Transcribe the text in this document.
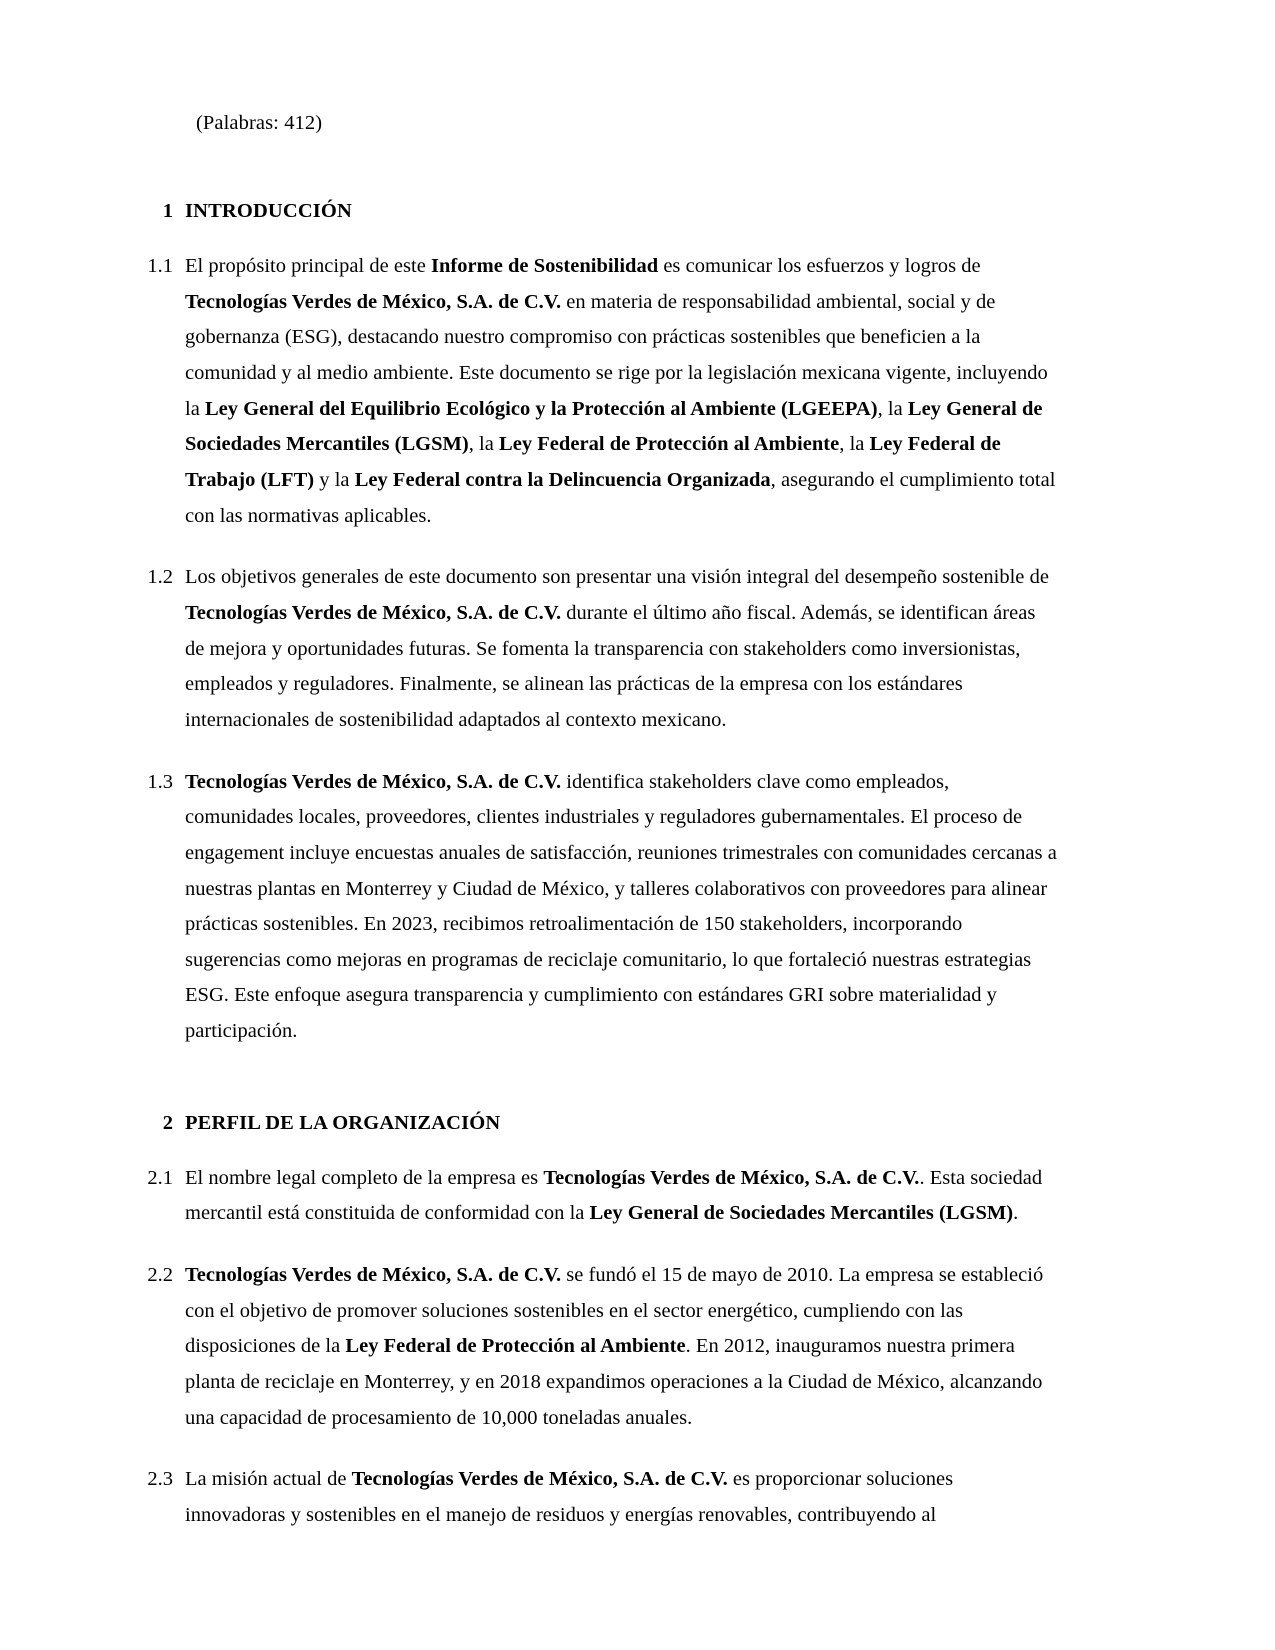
(Palabras: 412)
1 INTRODUCCIÓN
1.1 El propósito principal de este Informe de Sostenibilidad es comunicar los esfuerzos y logros de Tecnologías Verdes de México, S.A. de C.V. en materia de responsabilidad ambiental, social y de gobernanza (ESG), destacando nuestro compromiso con prácticas sostenibles que beneficien a la comunidad y al medio ambiente. Este documento se rige por la legislación mexicana vigente, incluyendo la Ley General del Equilibrio Ecológico y la Protección al Ambiente (LGEEPA), la Ley General de Sociedades Mercantiles (LGSM), la Ley Federal de Protección al Ambiente, la Ley Federal de Trabajo (LFT) y la Ley Federal contra la Delincuencia Organizada, asegurando el cumplimiento total con las normativas aplicables.
1.2 Los objetivos generales de este documento son presentar una visión integral del desempeño sostenible de Tecnologías Verdes de México, S.A. de C.V. durante el último año fiscal. Además, se identifican áreas de mejora y oportunidades futuras. Se fomenta la transparencia con stakeholders como inversionistas, empleados y reguladores. Finalmente, se alinean las prácticas de la empresa con los estándares internacionales de sostenibilidad adaptados al contexto mexicano.
1.3 Tecnologías Verdes de México, S.A. de C.V. identifica stakeholders clave como empleados, comunidades locales, proveedores, clientes industriales y reguladores gubernamentales. El proceso de engagement incluye encuestas anuales de satisfacción, reuniones trimestrales con comunidades cercanas a nuestras plantas en Monterrey y Ciudad de México, y talleres colaborativos con proveedores para alinear prácticas sostenibles. En 2023, recibimos retroalimentación de 150 stakeholders, incorporando sugerencias como mejoras en programas de reciclaje comunitario, lo que fortaleció nuestras estrategias ESG. Este enfoque asegura transparencia y cumplimiento con estándares GRI sobre materialidad y participación.
2 PERFIL DE LA ORGANIZACIÓN
2.1 El nombre legal completo de la empresa es Tecnologías Verdes de México, S.A. de C.V.. Esta sociedad mercantil está constituida de conformidad con la Ley General de Sociedades Mercantiles (LGSM).
2.2 Tecnologías Verdes de México, S.A. de C.V. se fundó el 15 de mayo de 2010. La empresa se estableció con el objetivo de promover soluciones sostenibles en el sector energético, cumpliendo con las disposiciones de la Ley Federal de Protección al Ambiente. En 2012, inauguramos nuestra primera planta de reciclaje en Monterrey, y en 2018 expandimos operaciones a la Ciudad de México, alcanzando una capacidad de procesamiento de 10,000 toneladas anuales.
2.3 La misión actual de Tecnologías Verdes de México, S.A. de C.V. es proporcionar soluciones innovadoras y sostenibles en el manejo de residuos y energías renovables, contribuyendo al
